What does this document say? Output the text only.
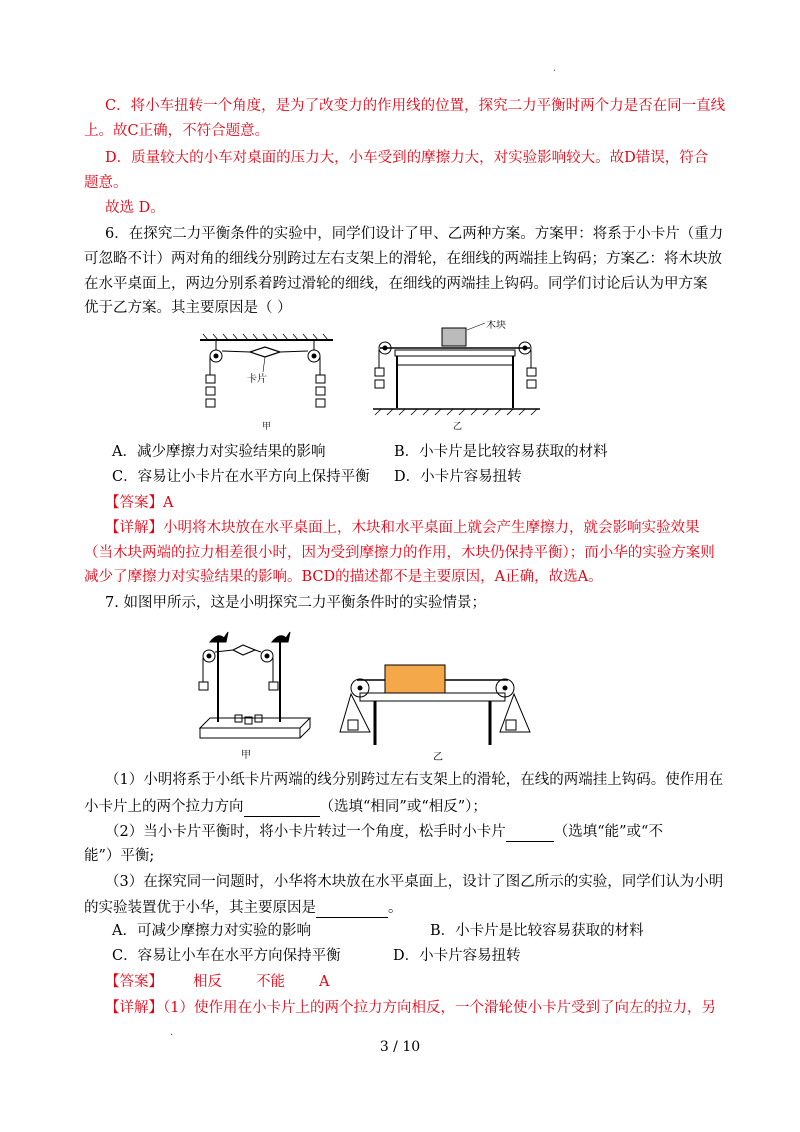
·
C．将小车扭转一个角度，是为了改变力的作用线的位置，探究二力平衡时两个力是否在同一直线
上。故C正确，不符合题意。
D．质量较大的小车对桌面的压力大，小车受到的摩擦力大，对实验影响较大。故D错误，符合
题意。
故选 D。
6．在探究二力平衡条件的实验中，同学们设计了甲、乙两种方案。方案甲：将系于小卡片（重力
可忽略不计）两对角的细线分别跨过左右支架上的滑轮，在细线的两端挂上钩码；方案乙：将木块放
在水平桌面上，两边分别系着跨过滑轮的细线，在细线的两端挂上钩码。同学们讨论后认为甲方案
优于乙方案。其主要原因是（ ）
卡片
木块
甲	乙
A．减少摩擦力对实验结果的影响	B．小卡片是比较容易获取的材料
C．容易让小卡片在水平方向上保持平衡 D．小卡片容易扭转
【答案】A
【详解】小明将木块放在水平桌面上，木块和水平桌面上就会产生摩擦力，就会影响实验效果
（当木块两端的拉力相差很小时，因为受到摩擦力的作用，木块仍保持平衡）；而小华的实验方案则
减少了摩擦力对实验结果的影响。BCD的描述都不是主要原因，A正确，故选A。
7. 如图甲所示，这是小明探究二力平衡条件时的实验情景；
甲	乙
（1）小明将系于小纸卡片两端的线分别跨过左右支架上的滑轮，在线的两端挂上钩码。使作用在
小卡片上的两个拉力方向	（选填“相同”或“相反”）；
（2）当小卡片平衡时，将小卡片转过一个角度，松手时小卡片	（选填“能”或“不
能”）平衡;
（3）在探究同一问题时，小华将木块放在水平桌面上，设计了图乙所示的实验，同学们认为小明
的实验装置优于小华，其主要原因是	。
A．可减少摩擦力对实验的影响	B．小卡片是比较容易获取的材料
C．容易让小车在水平方向保持平衡	D．小卡片容易扭转
【答案】 相反 不能 A
【详解】（1）使作用在小卡片上的两个拉力方向相反，一个滑轮使小卡片受到了向左的拉力，另
·
3 / 10
